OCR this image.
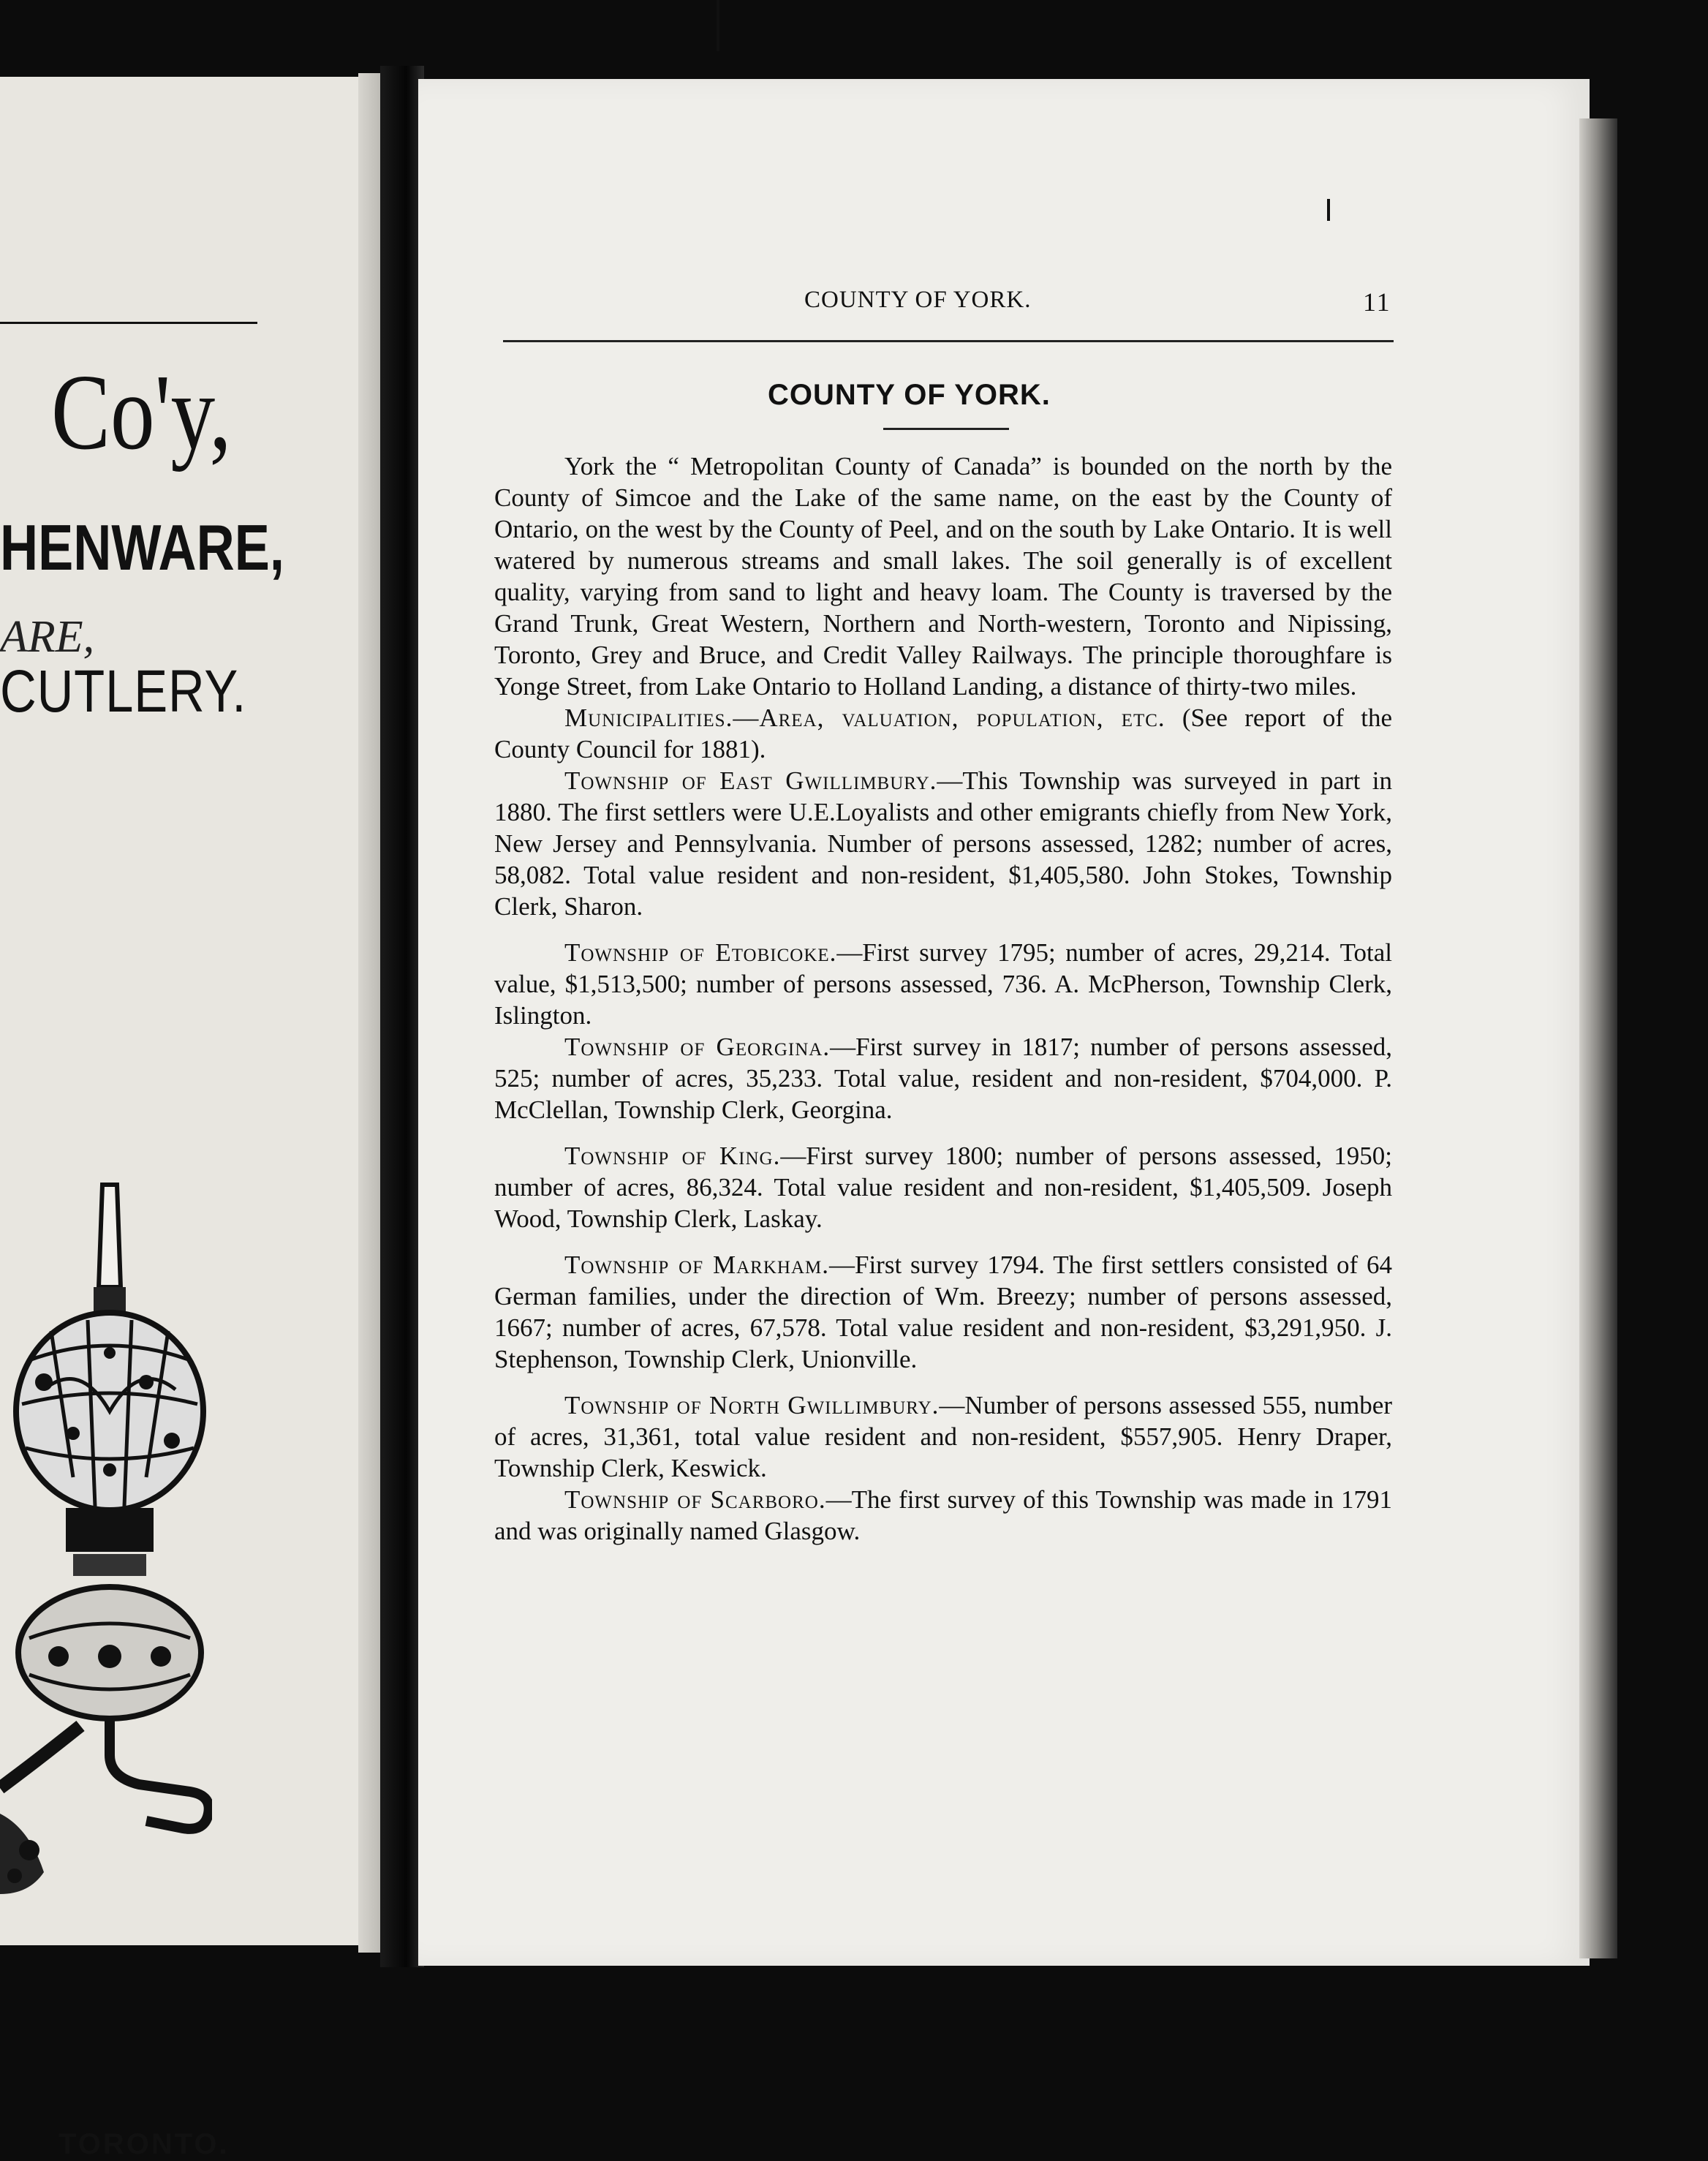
Co'y,
HENWARE,
ARE,
CUTLERY.
TORONTO.
COUNTY OF YORK.	11
COUNTY OF YORK.

York the “ Metropolitan County of Canada” is bounded on the north by the County of Simcoe and the Lake of the same name, on the east by the County of Ontario, on the west by the County of Peel, and on the south by Lake Ontario. It is well watered by numerous streams and small lakes. The soil generally is of excellent quality, varying from sand to light and heavy loam. The County is traversed by the Grand Trunk, Great Western, Northern and North-western, Toronto and Nipissing, Toronto, Grey and Bruce, and Credit Valley Railways. The principle thoroughfare is Yonge Street, from Lake Ontario to Holland Landing, a distance of thirty-two miles.

Municipalities.—Area, valuation, population, etc. (See report of the County Council for 1881).

Township of East Gwillimbury.—This Township was surveyed in part in 1880. The first settlers were U.E.Loyalists and other emigrants chiefly from New York, New Jersey and Pennsylvania. Number of persons assessed, 1282; number of acres, 58,082. Total value resident and non-resident, $1,405,580. John Stokes, Township Clerk, Sharon.

Township of Etobicoke.—First survey 1795; number of acres, 29,214. Total value, $1,513,500; number of persons assessed, 736. A. McPherson, Township Clerk, Islington.

Township of Georgina.—First survey in 1817; number of persons assessed, 525; number of acres, 35,233. Total value, resident and non-resident, $704,000. P. McClellan, Township Clerk, Georgina.

Township of King.—First survey 1800; number of persons assessed, 1950; number of acres, 86,324. Total value resident and non-resident, $1,405,509. Joseph Wood, Township Clerk, Laskay.

Township of Markham.—First survey 1794. The first settlers consisted of 64 German families, under the direction of Wm. Breezy; number of persons assessed, 1667; number of acres, 67,578. Total value resident and non-resident, $3,291,950. J. Stephenson, Township Clerk, Unionville.

Township of North Gwillimbury.—Number of persons assessed 555, number of acres, 31,361, total value resident and non-resident, $557,905. Henry Draper, Township Clerk, Keswick.

Township of Scarboro.—The first survey of this Township was made in 1791 and was originally named Glasgow.
